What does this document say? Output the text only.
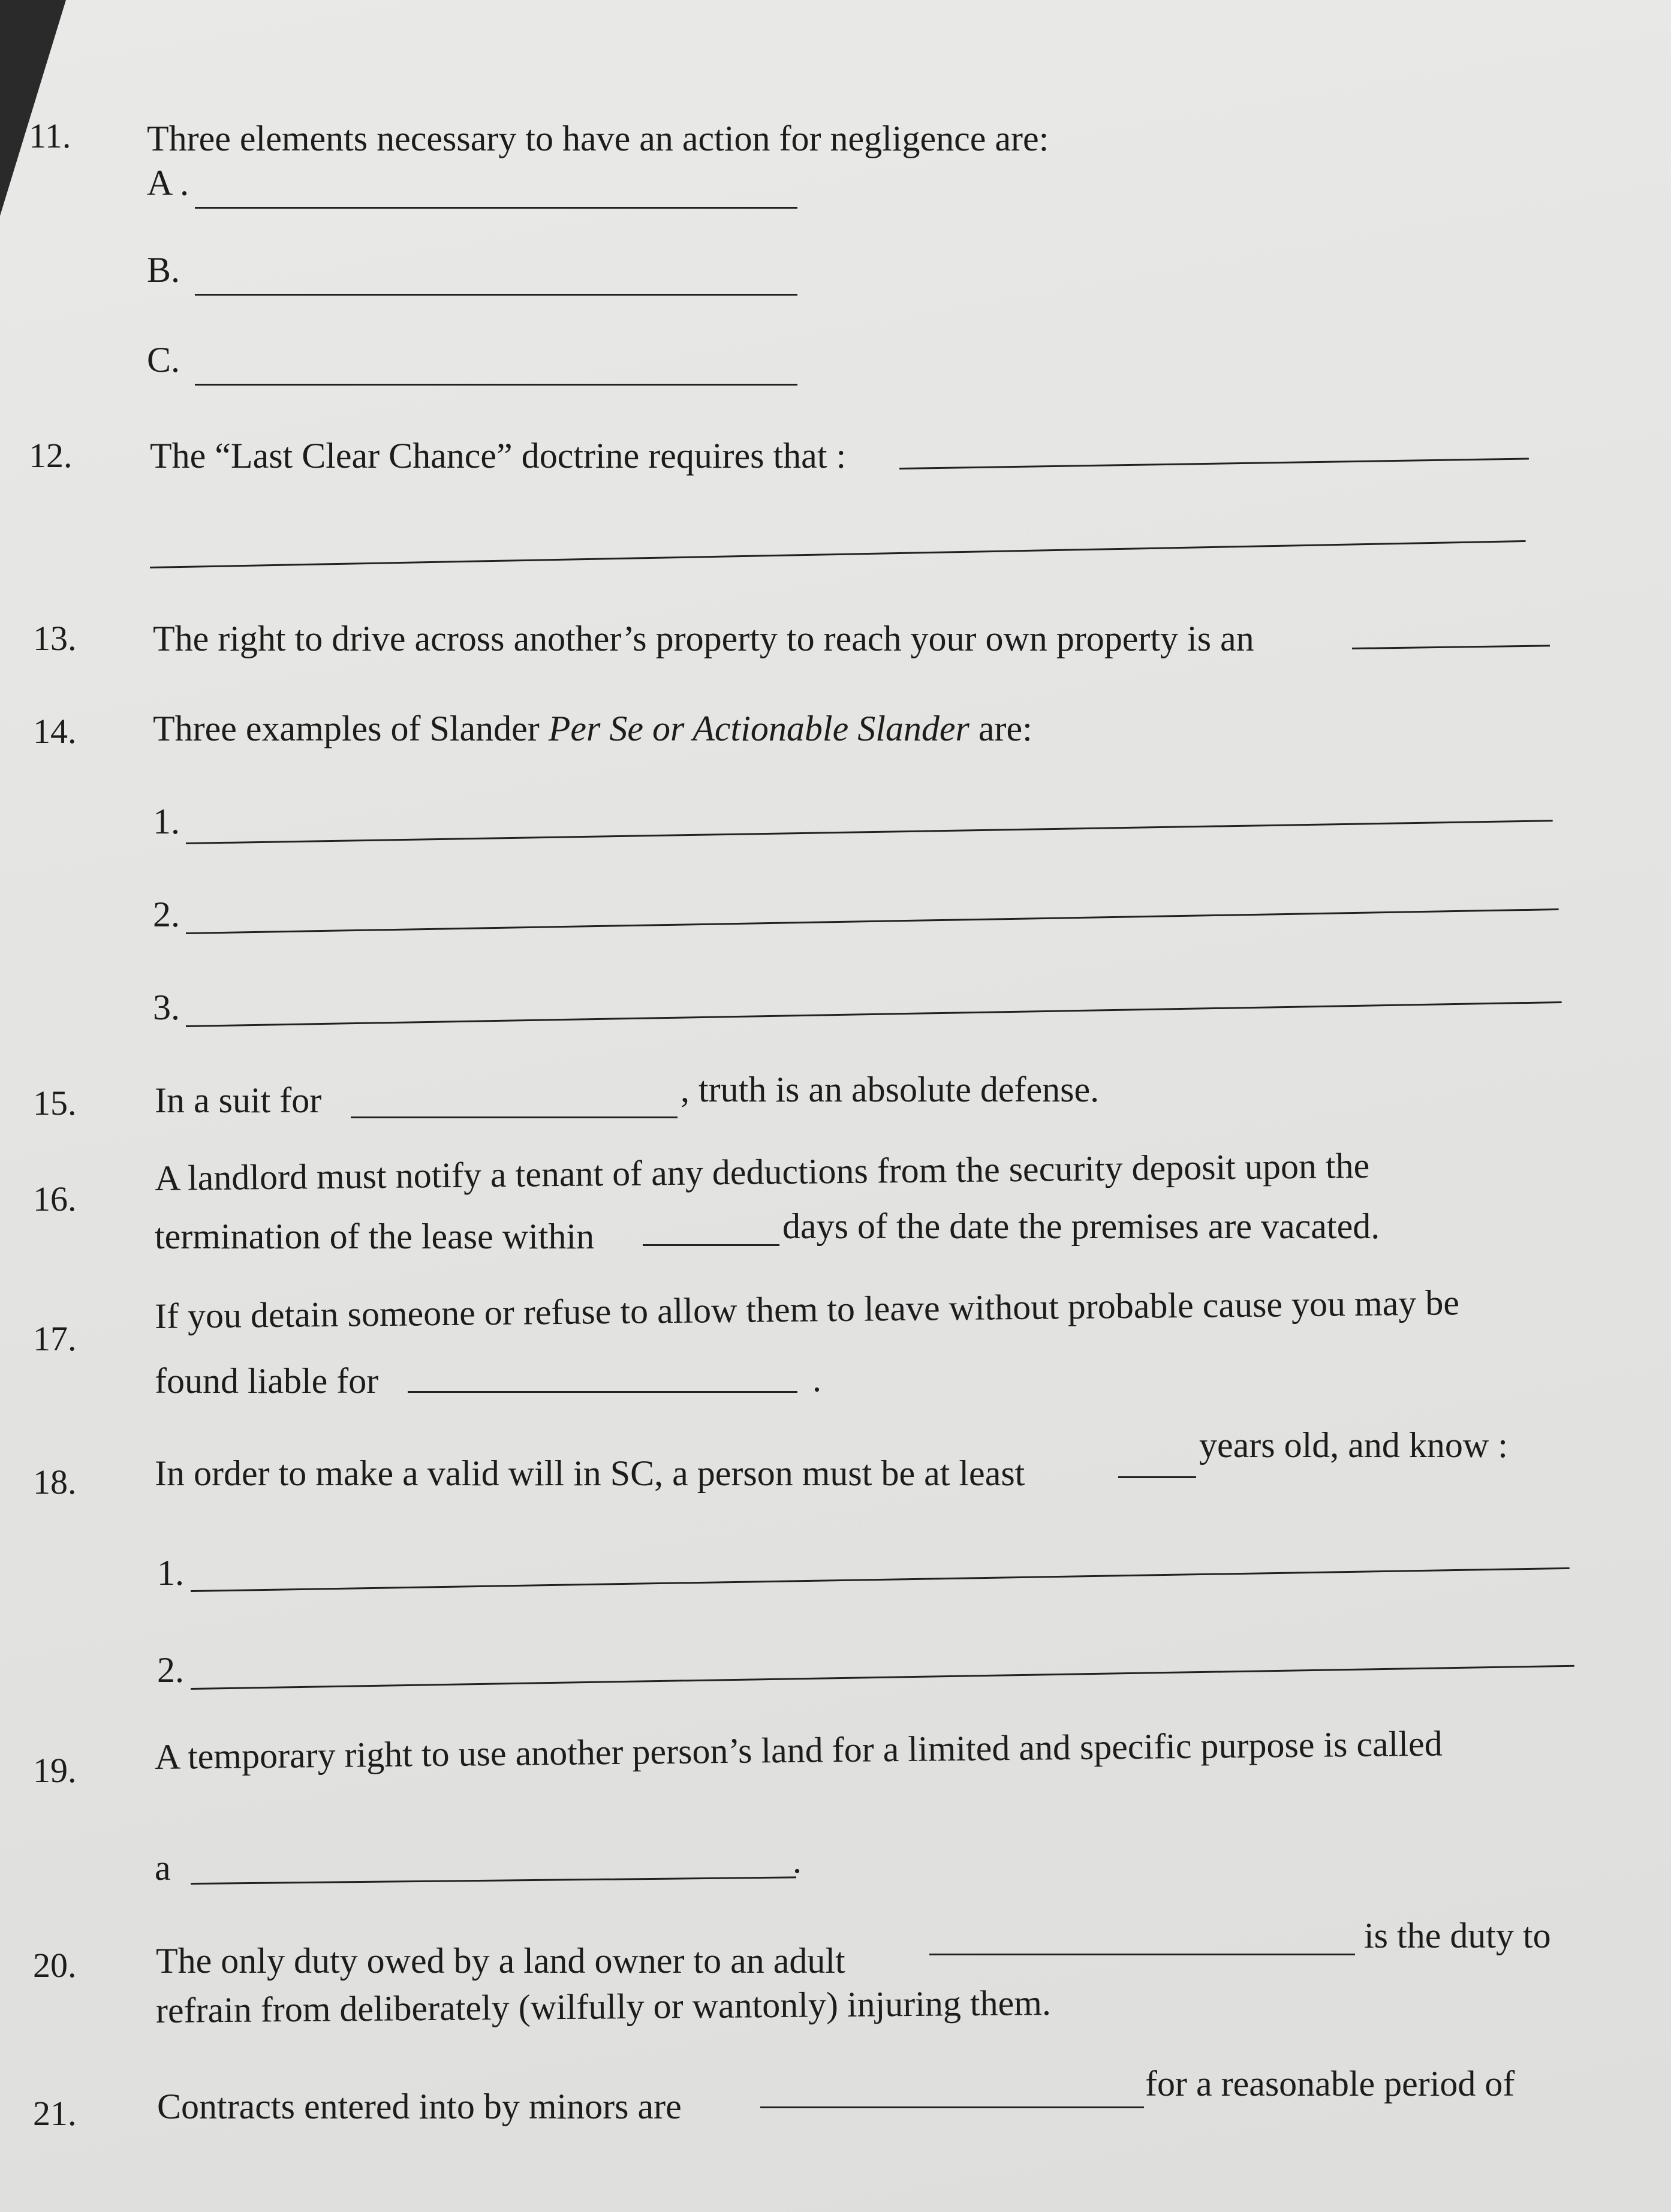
11. Three elements necessary to have an action for negligence are:
A .
B.
C.
12. The “Last Clear Chance” doctrine requires that :
13. The right to drive across another’s property to reach your own property is an
14. Three examples of Slander Per Se or Actionable Slander are:
1.
2.
3.
15. In a suit for	, truth is an absolute defense.
16.
A landlord must notify a tenant of any deductions from the security deposit upon the
termination of the lease within	days of the date the premises are vacated.
17.
If you detain someone or refuse to allow them to leave without probable cause you may be
found liable for	.
18. In order to make a valid will in SC, a person must be at least
years old, and know :
1.
2.
19. A temporary right to use another person’s land for a limited and specific purpose is called
a	.
20. The only duty owed by a land owner to an adult
is the duty to
refrain from deliberately (wilfully or wantonly) injuring them.
21. Contracts entered into by minors are
for a reasonable period of
